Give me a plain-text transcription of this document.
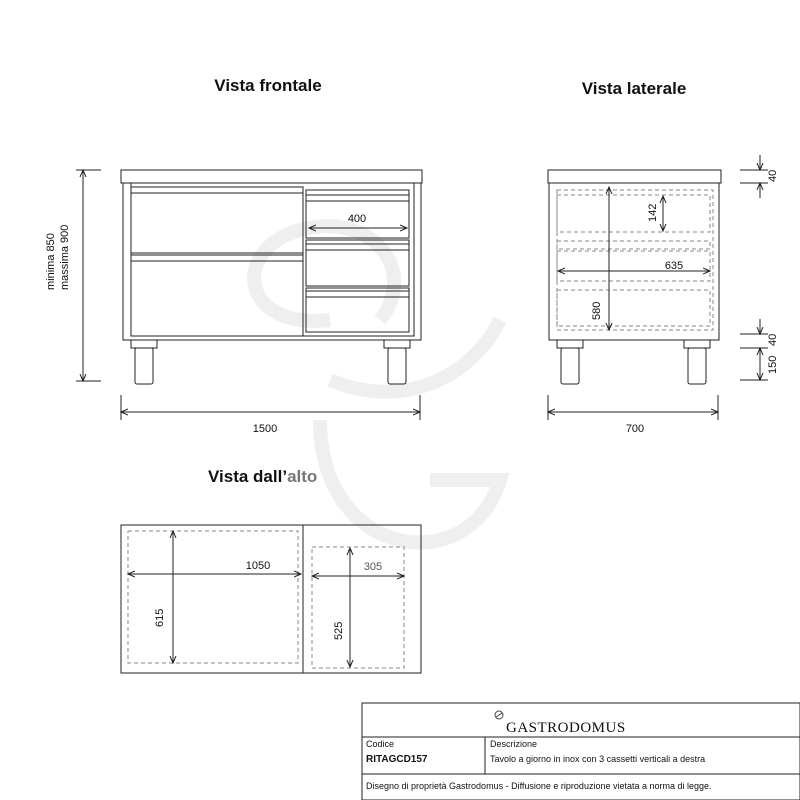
Vista frontale
400
1500
minima 850 massima 900
Vista laterale
580
142
635
40
40
150
700
Vista dall’alto
1050
615
305
525
GASTRODOMUS
Codice
RITAGCD157
Descrizione
Tavolo a giorno in inox con 3 cassetti verticali a destra
Disegno di proprietà Gastrodomus - Diffusione e riproduzione vietata a norma di legge.
